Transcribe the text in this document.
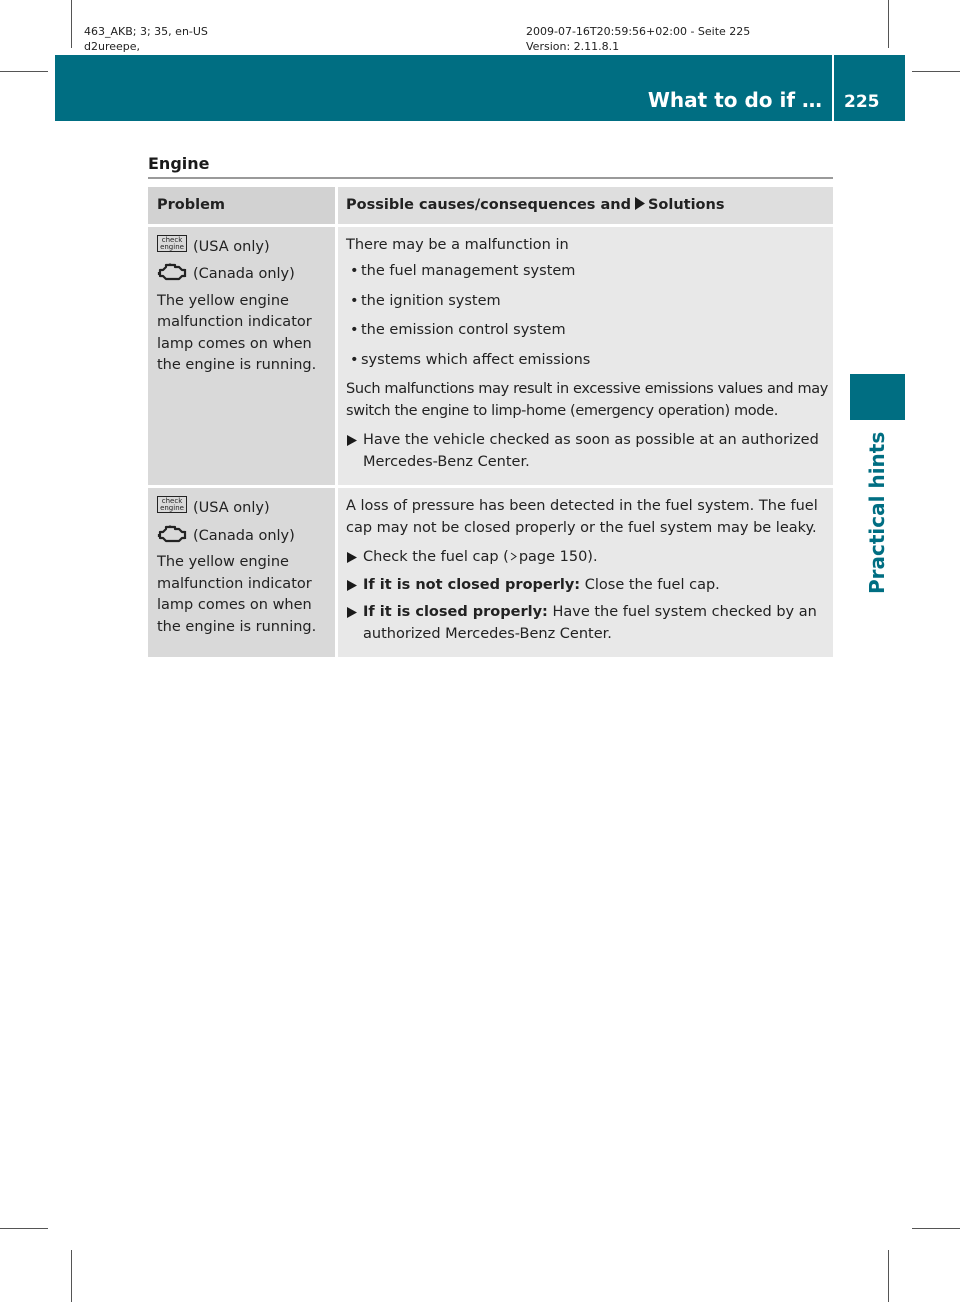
463_AKB; 3; 35, en-US
d2ureepe,
2009-07-16T20:59:56+02:00 - Seite 225
Version: 2.11.8.1
What to do if … 225
Practical hints
Engine
Problem	Possible causes/consequences and Solutions
check
engine (USA only)
(Canada only)
The yellow engine malfunction indicator lamp comes on when the engine is running.
There may be a malfunction in
• the fuel management system
• the ignition system
• the emission control system
• systems which affect emissions
Such malfunctions may result in excessive emissions values and may switch the engine to limp-home (emergency operation) mode.
Have the vehicle checked as soon as possible at an authorized Mercedes-Benz Center.
check
engine (USA only)
(Canada only)
The yellow engine malfunction indicator lamp comes on when the engine is running.
A loss of pressure has been detected in the fuel system. The fuel cap may not be closed properly or the fuel system may be leaky.
Check the fuel cap ( page 150).
If it is not closed properly: Close the fuel cap.
If it is closed properly: Have the fuel system checked by an authorized Mercedes-Benz Center.
